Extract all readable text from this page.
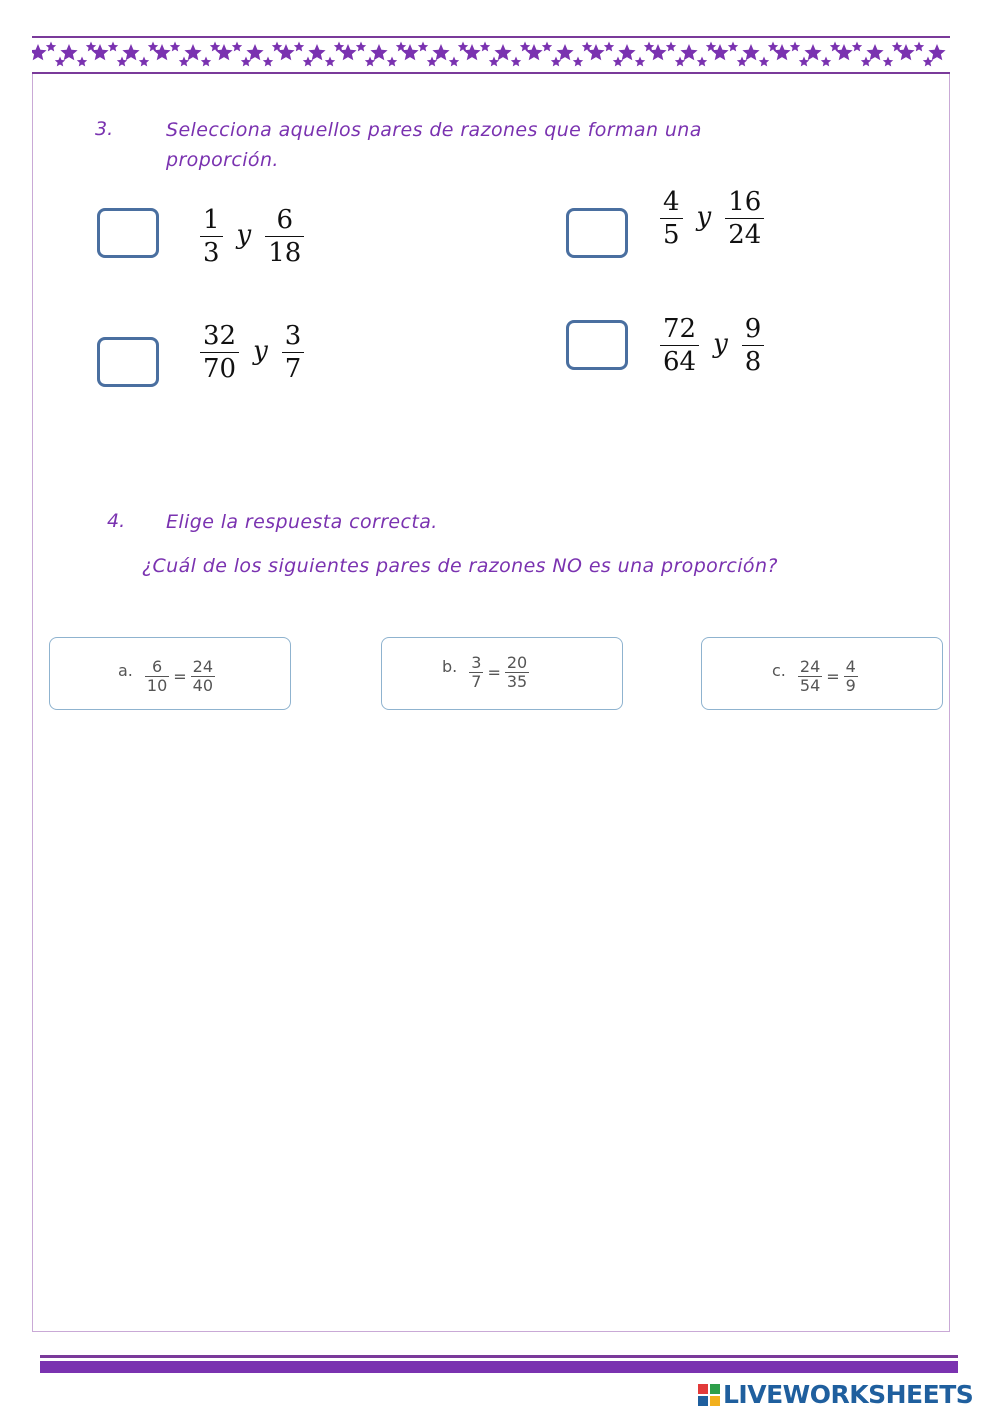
3.	Selecciona aquellos pares de razones que forman una
proporción.
$\frac{1}{3}$ y $\frac{6}{18}$	$\frac{4}{5}$ y $\frac{16}{24}$
$\frac{32}{70}$ y $\frac{3}{7}$	$\frac{72}{64}$ y $\frac{9}{8}$
4. Elige la respuesta correcta.
¿Cuál de los siguientes pares de razones NO es una proporción?
a. $\frac{6}{10} = \frac{24}{40}$	b. $\frac{3}{7} = \frac{20}{35}$	c. $\frac{24}{54} = \frac{4}{9}$
LIVEWORKSHEETS
